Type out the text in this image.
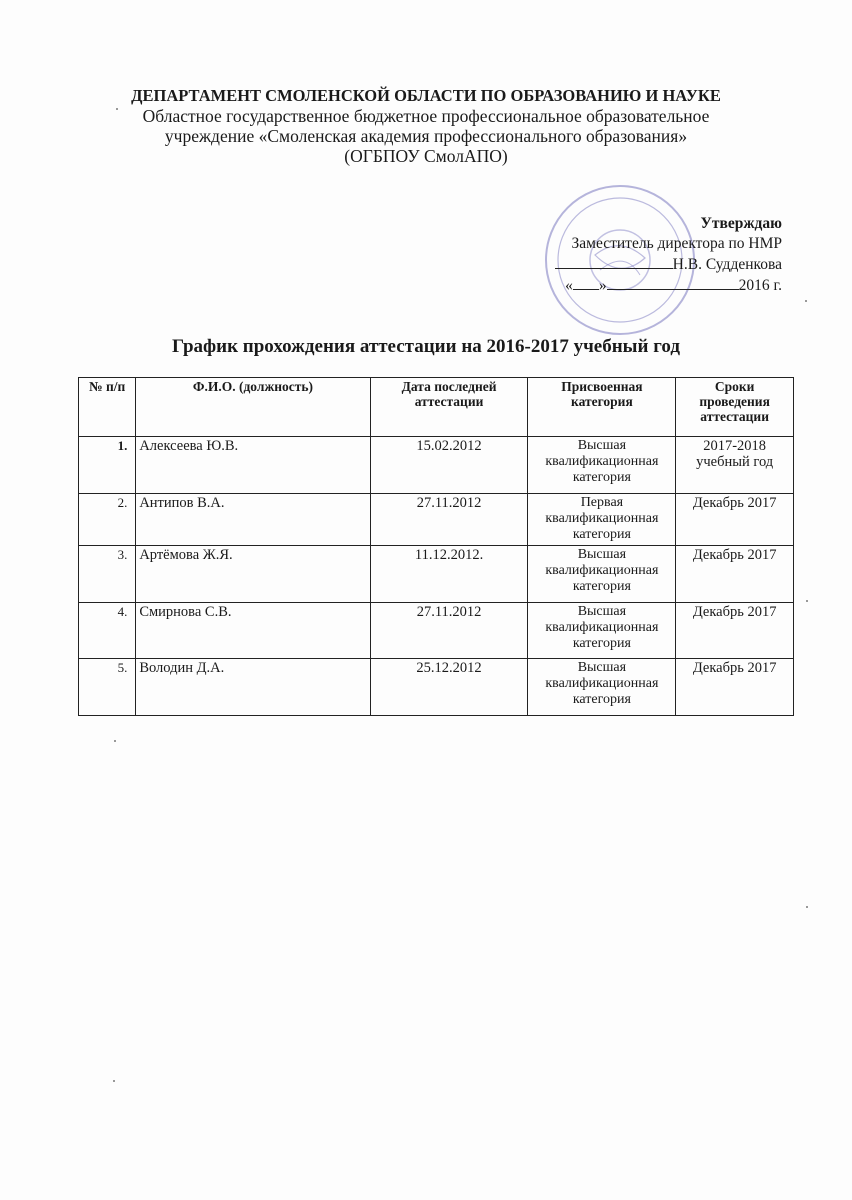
ДЕПАРТАМЕНТ СМОЛЕНСКОЙ ОБЛАСТИ ПО ОБРАЗОВАНИЮ И НАУКЕ
Областное государственное бюджетное профессиональное образовательное
учреждение «Смоленская академия профессионального образования»
(ОГБПОУ СмолАПО)
Утверждаю
Заместитель директора по НМР
Н.В. Судденкова
« »	2016 г.
График прохождения аттестации на 2016-2017 учебный год
№ п/п	Ф.И.О. (должность)	Дата последней аттестации	Присвоенная категория	Сроки проведения аттестации
1.	Алексеева Ю.В.	15.02.2012	Высшая квалификационная категория	2017-2018 учебный год
2.	Антипов В.А.	27.11.2012	Первая квалификационная категория	Декабрь 2017
3.	Артёмова Ж.Я.	11.12.2012.	Высшая квалификационная категория	Декабрь 2017
4.	Смирнова С.В.	27.11.2012	Высшая квалификационная категория	Декабрь 2017
5.	Володин Д.А.	25.12.2012	Высшая квалификационная категория	Декабрь 2017
